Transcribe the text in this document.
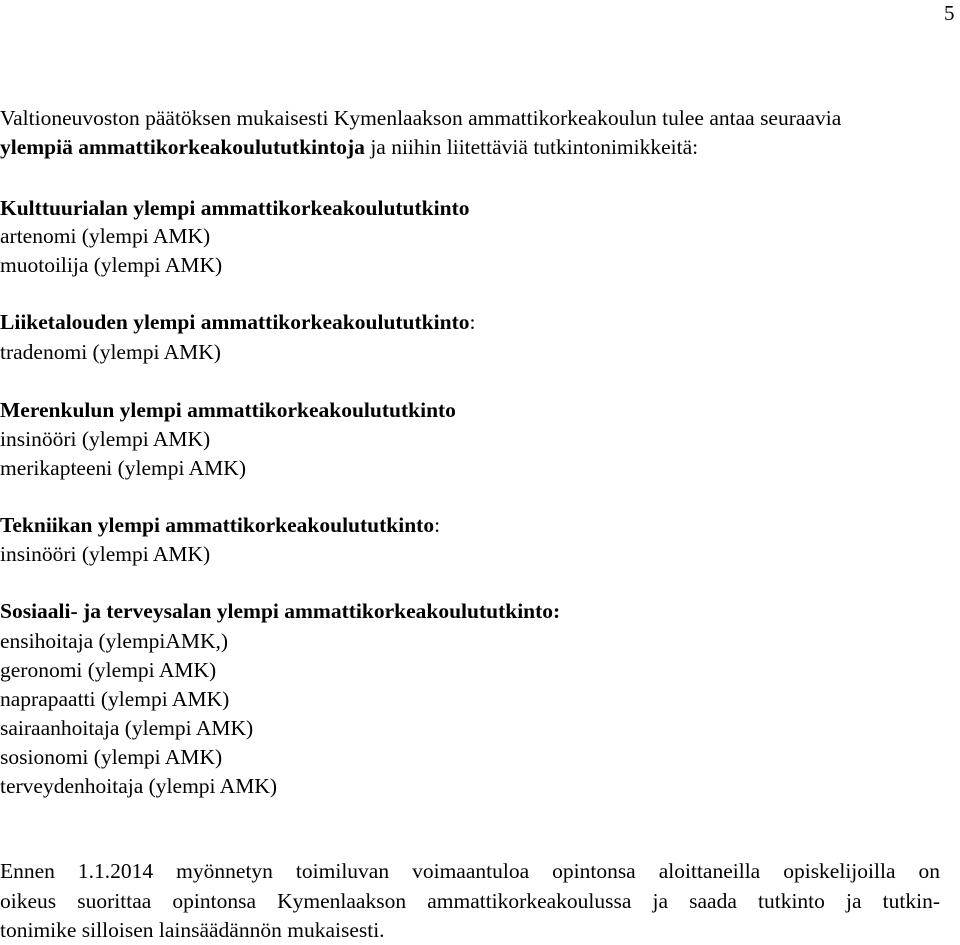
5
Valtioneuvoston päätöksen mukaisesti Kymenlaakson ammattikorkeakoulun tulee antaa seuraavia
ylempiä ammattikorkeakoulututkintoja ja niihin liitettäviä tutkintonimikkeitä:
Kulttuurialan ylempi ammattikorkeakoulututkinto
artenomi (ylempi AMK)
muotoilija (ylempi AMK)
Liiketalouden ylempi ammattikorkeakoulututkinto:
tradenomi (ylempi AMK)
Merenkulun ylempi ammattikorkeakoulututkinto
insinööri (ylempi AMK)
merikapteeni (ylempi AMK)
Tekniikan ylempi ammattikorkeakoulututkinto:
insinööri (ylempi AMK)
Sosiaali- ja terveysalan ylempi ammattikorkeakoulututkinto:
ensihoitaja (ylempiAMK,)
geronomi (ylempi AMK)
naprapaatti (ylempi AMK)
sairaanhoitaja (ylempi AMK)
sosionomi (ylempi AMK)
terveydenhoitaja (ylempi AMK)
Ennen 1.1.2014 myönnetyn toimiluvan voimaantuloa opintonsa aloittaneilla opiskelijoilla on
oikeus suorittaa opintonsa Kymenlaakson ammattikorkeakoulussa ja saada tutkinto ja tutkin-
tonimike silloisen lainsäädännön mukaisesti.
